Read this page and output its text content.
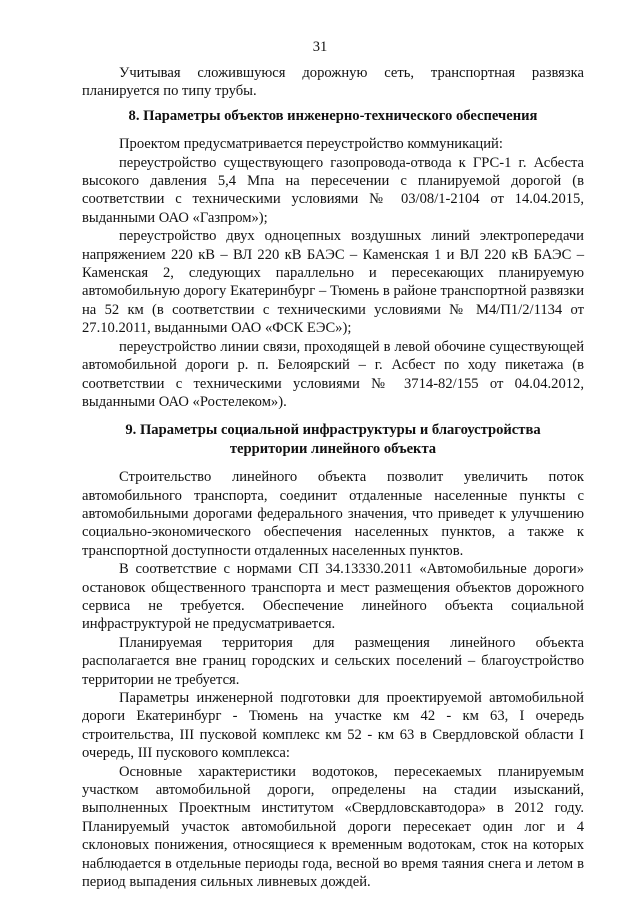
31

Учитывая сложившуюся дорожную сеть, транспортная развязка планируется по типу трубы.

8. Параметры объектов инженерно-технического обеспечения

Проектом предусматривается переустройство коммуникаций:

переустройство существующего газопровода-отвода к ГРС-1 г. Асбеста высокого давления 5,4 Мпа на пересечении с планируемой дорогой (в соответствии с техническими условиями № 03/08/1-2104 от 14.04.2015, выданными ОАО «Газпром»);

переустройство двух одноцепных воздушных линий электропередачи напряжением 220 кВ – ВЛ 220 кВ БАЭС – Каменская 1 и ВЛ 220 кВ БАЭС – Каменская 2, следующих параллельно и пересекающих планируемую автомобильную дорогу Екатеринбург – Тюмень в районе транспортной развязки на 52 км (в соответствии с техническими условиями № М4/П1/2/1134 от 27.10.2011, выданными ОАО «ФСК ЕЭС»);

переустройство линии связи, проходящей в левой обочине существующей автомобильной дороги р. п. Белоярский – г. Асбест по ходу пикетажа (в соответствии с техническими условиями № 3714-82/155 от 04.04.2012, выданными ОАО «Ростелеком»).

9. Параметры социальной инфраструктуры и благоустройства
территории линейного объекта

Строительство линейного объекта позволит увеличить поток автомобильного транспорта, соединит отдаленные населенные пункты с автомобильными дорогами федерального значения, что приведет к улучшению социально-экономического обеспечения населенных пунктов, а также к транспортной доступности отдаленных населенных пунктов.

В соответствие с нормами СП 34.13330.2011 «Автомобильные дороги» остановок общественного транспорта и мест размещения объектов дорожного сервиса не требуется. Обеспечение линейного объекта социальной инфраструктурой не предусматривается.

Планируемая территория для размещения линейного объекта располагается вне границ городских и сельских поселений – благоустройство территории не требуется.

Параметры инженерной подготовки для проектируемой автомобильной дороги Екатеринбург - Тюмень на участке км 42 - км 63, I очередь строительства, III пусковой комплекс км 52 - км 63 в Свердловской области I очередь, III пускового комплекса:

Основные характеристики водотоков, пересекаемых планируемым участком автомобильной дороги, определены на стадии изысканий, выполненных Проектным институтом «Свердловскавтодора» в 2012 году. Планируемый участок автомобильной дороги пересекает один лог и 4 склоновых понижения, относящиеся к временным водотокам, сток на которых наблюдается в отдельные периоды года, весной во время таяния снега и летом в период выпадения сильных ливневых дождей.
